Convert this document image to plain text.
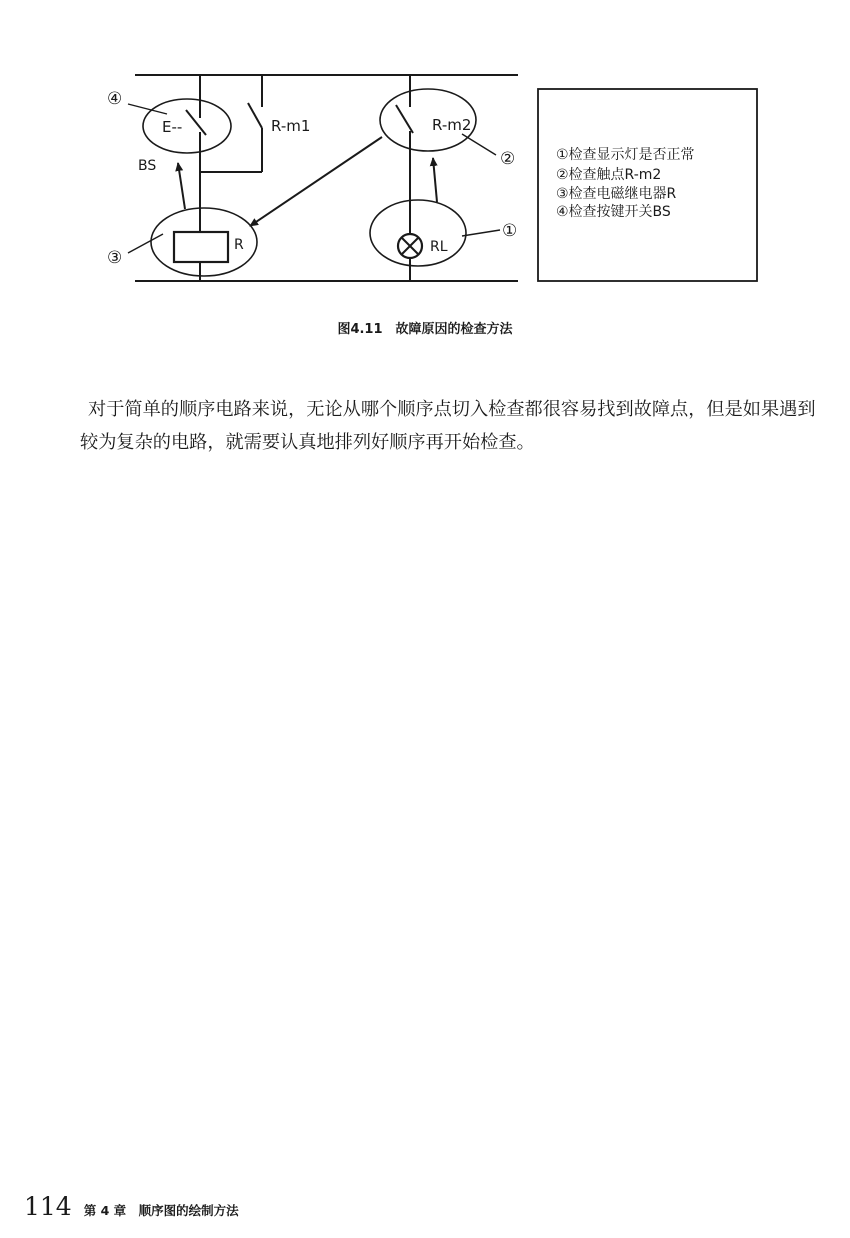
E--
BS
R-m1	R-m2
R	RL
④
②
③
①
①检查显示灯是否正常
②检查触点R-m2
③检查电磁继电器R
④检查按键开关BS
图4.11　故障原因的检查方法

对于简单的顺序电路来说，无论从哪个顺序点切入检查都很容易找到故障点，但是如果遇到较为复杂的电路，就需要认真地排列好顺序再开始检查。

114 第 4 章　顺序图的绘制方法
